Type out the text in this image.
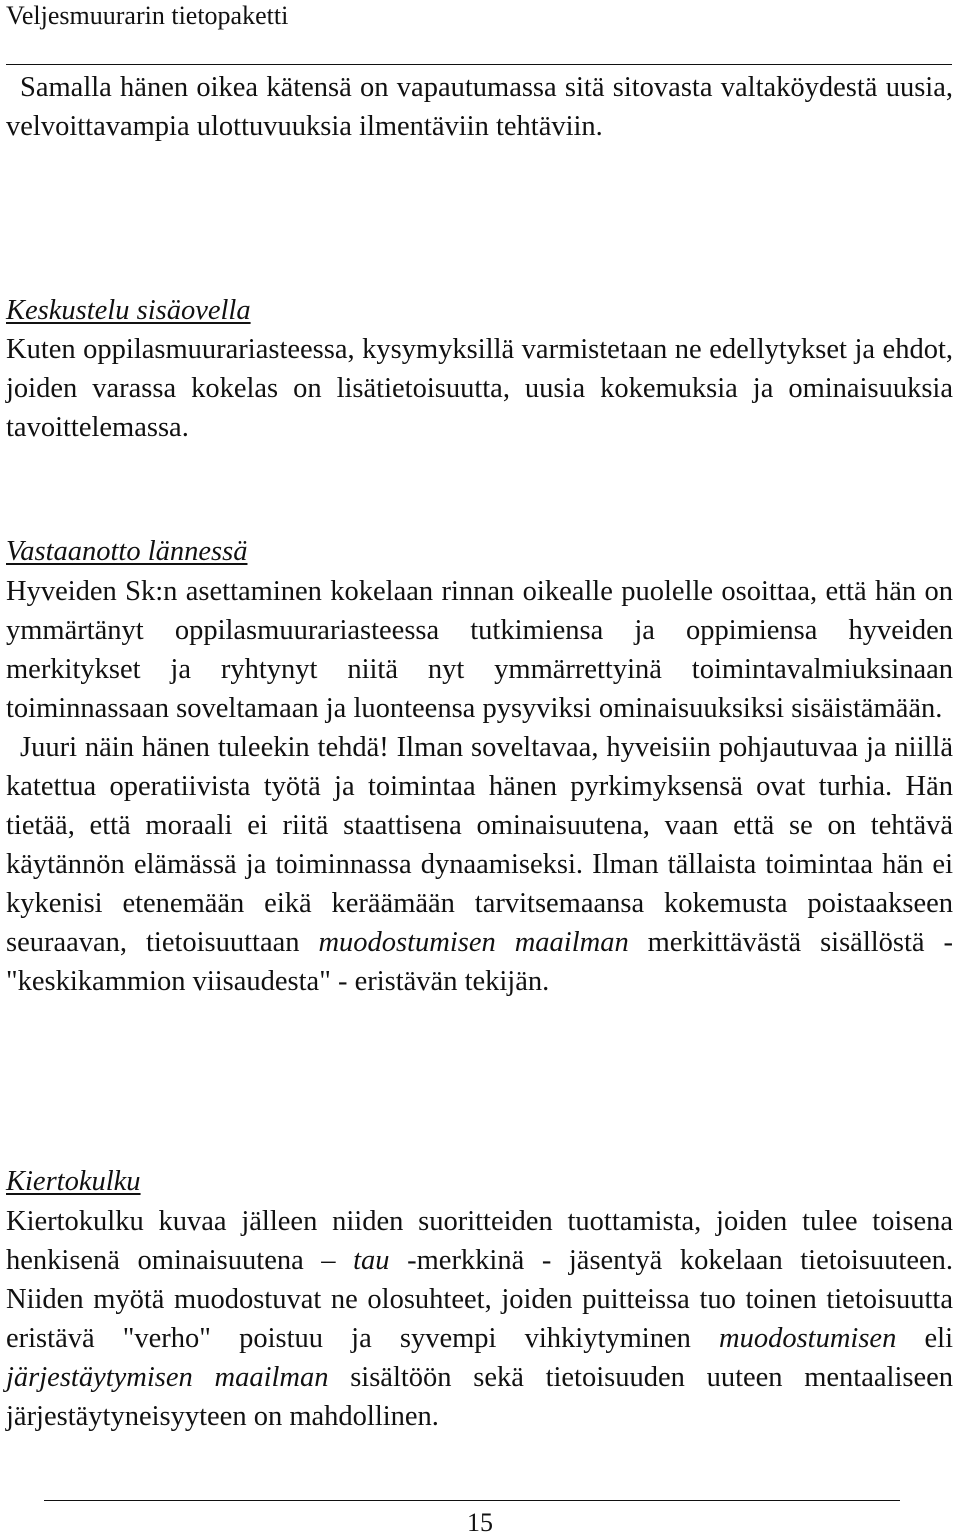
Veljesmuurarin tietopaketti

Samalla hänen oikea kätensä on vapautumassa sitä sitovasta valtaköydestä uusia, velvoittavampia ulottuvuuksia ilmentäviin tehtäviin.

Keskustelu sisäovella

Kuten oppilasmuurariasteessa, kysymyksillä varmistetaan ne edellytykset ja ehdot, joiden varassa kokelas on lisätietoisuutta, uusia kokemuksia ja ominaisuuksia tavoittelemassa.

Vastaanotto lännessä

Hyveiden Sk:n asettaminen kokelaan rinnan oikealle puolelle osoittaa, että hän on ymmärtänyt oppilasmuurariasteessa tutkimiensa ja oppimiensa hyveiden merkitykset ja ryhtynyt niitä nyt ymmärrettyinä toimintavalmiuksinaan toiminnassaan soveltamaan ja luonteensa pysyviksi ominaisuuksiksi sisäistämään.

Juuri näin hänen tuleekin tehdä! Ilman soveltavaa, hyveisiin pohjautuvaa ja niillä katettua operatiivista työtä ja toimintaa hänen pyrkimyksensä ovat turhia. Hän tietää, että moraali ei riitä staattisena ominaisuutena, vaan että se on tehtävä käytännön elämässä ja toiminnassa dynaamiseksi. Ilman tällaista toimintaa hän ei kykenisi etenemään eikä keräämään tarvitsemaansa kokemusta poistaakseen seuraavan, tietoisuuttaan muodostumisen maailman merkittävästä sisällöstä - "keskikammion viisaudesta" - eristävän tekijän.

Kiertokulku

Kiertokulku kuvaa jälleen niiden suoritteiden tuottamista, joiden tulee toisena henkisenä ominaisuutena – tau -merkkinä - jäsentyä kokelaan tietoisuuteen. Niiden myötä muodostuvat ne olosuhteet, joiden puitteissa tuo toinen tietoisuutta eristävä "verho" poistuu ja syvempi vihkiytyminen muodostumisen eli järjestäytymisen maailman sisältöön sekä tietoisuuden uuteen mentaaliseen järjestäytyneisyyteen on mahdollinen.

15
